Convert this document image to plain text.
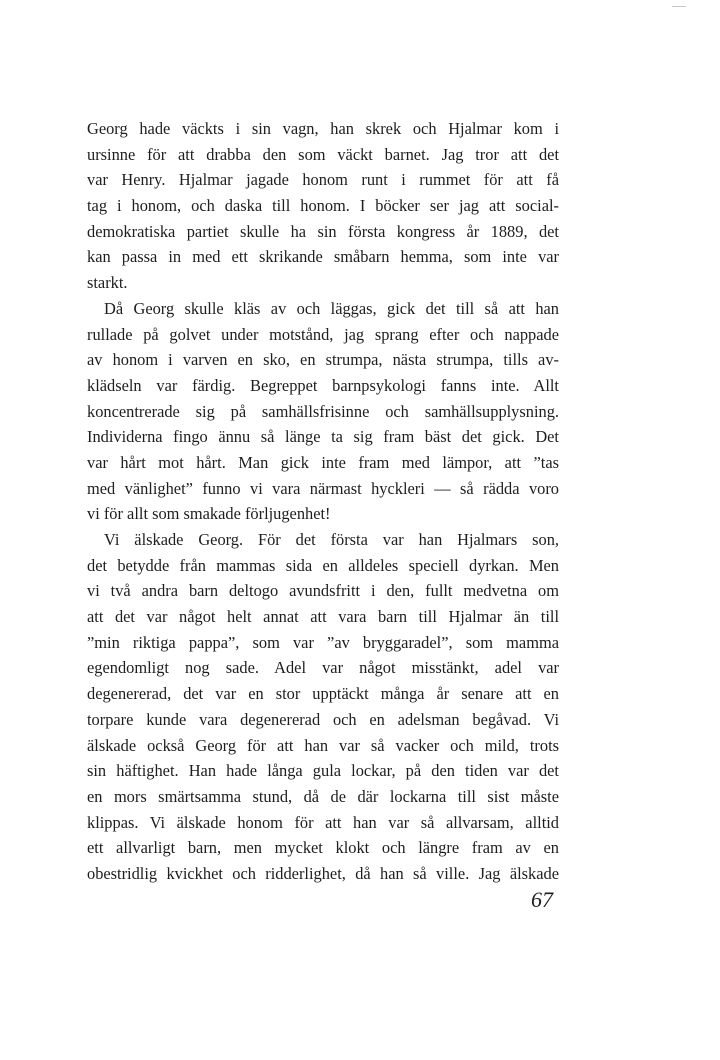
Georg hade väckts i sin vagn, han skrek och Hjalmar kom i
ursinne för att drabba den som väckt barnet. Jag tror att det
var Henry. Hjalmar jagade honom runt i rummet för att få
tag i honom, och daska till honom. I böcker ser jag att social-
demokratiska partiet skulle ha sin första kongress år 1889, det
kan passa in med ett skrikande småbarn hemma, som inte var
starkt.
Då Georg skulle kläs av och läggas, gick det till så att han
rullade på golvet under motstånd, jag sprang efter och nappade
av honom i varven en sko, en strumpa, nästa strumpa, tills av-
klädseln var färdig. Begreppet barnpsykologi fanns inte. Allt
koncentrerade sig på samhällsfrisinne och samhällsupplysning.
Individerna fingo ännu så länge ta sig fram bäst det gick. Det
var hårt mot hårt. Man gick inte fram med lämpor, att ”tas
med vänlighet” funno vi vara närmast hyckleri — så rädda voro
vi för allt som smakade förljugenhet!
Vi älskade Georg. För det första var han Hjalmars son,
det betydde från mammas sida en alldeles speciell dyrkan. Men
vi två andra barn deltogo avundsfritt i den, fullt medvetna om
att det var något helt annat att vara barn till Hjalmar än till
”min riktiga pappa”, som var ”av bryggaradel”, som mamma
egendomligt nog sade. Adel var något misstänkt, adel var
degenererad, det var en stor upptäckt många år senare att en
torpare kunde vara degenererad och en adelsman begåvad. Vi
älskade också Georg för att han var så vacker och mild, trots
sin häftighet. Han hade långa gula lockar, på den tiden var det
en mors smärtsamma stund, då de där lockarna till sist måste
klippas. Vi älskade honom för att han var så allvarsam, alltid
ett allvarligt barn, men mycket klokt och längre fram av en
obestridlig kvickhet och ridderlighet, då han så ville. Jag älskade
67
